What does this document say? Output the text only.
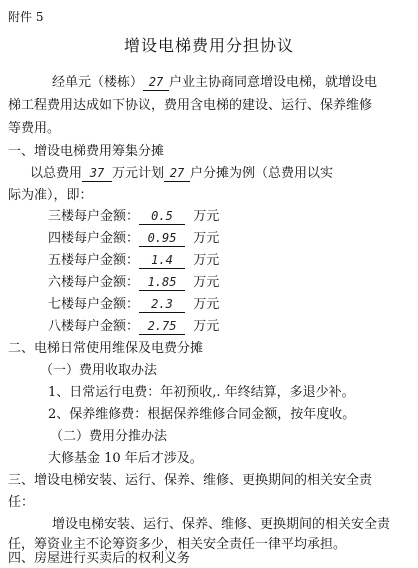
附件 5
增设电梯费用分担协议
经单元（楼栋） 27 户业主协商同意增设电梯，就增设电
梯工程费用达成如下协议，费用含电梯的建设、运行、保养维修
等费用。
一、增设电梯费用筹集分摊
以总费用 37 万元计划 27 户分摊为例（总费用以实
际为准），即：
三楼每户金额： 0.5 万元
四楼每户金额： 0.95 万元
五楼每户金额： 1.4 万元
六楼每户金额： 1.85 万元
七楼每户金额： 2.3 万元
八楼每户金额： 2.75 万元
二、电梯日常使用维保及电费分摊
（一）费用收取办法
1、日常运行电费：年初预收,. 年终结算，多退少补。
2、保养维修费：根据保养维修合同金额，按年度收。
（二）费用分推办法
大修基金 10 年后才涉及。
三、增设电梯安装、运行、保养、维修、更换期间的相关安全责
任：
增设电梯安装、运行、保养、维修、更换期间的相关安全责
任，筹资业主不论筹资多少，相关安全责任一律平均承担。
四、房屋进行买卖后的权利义务
